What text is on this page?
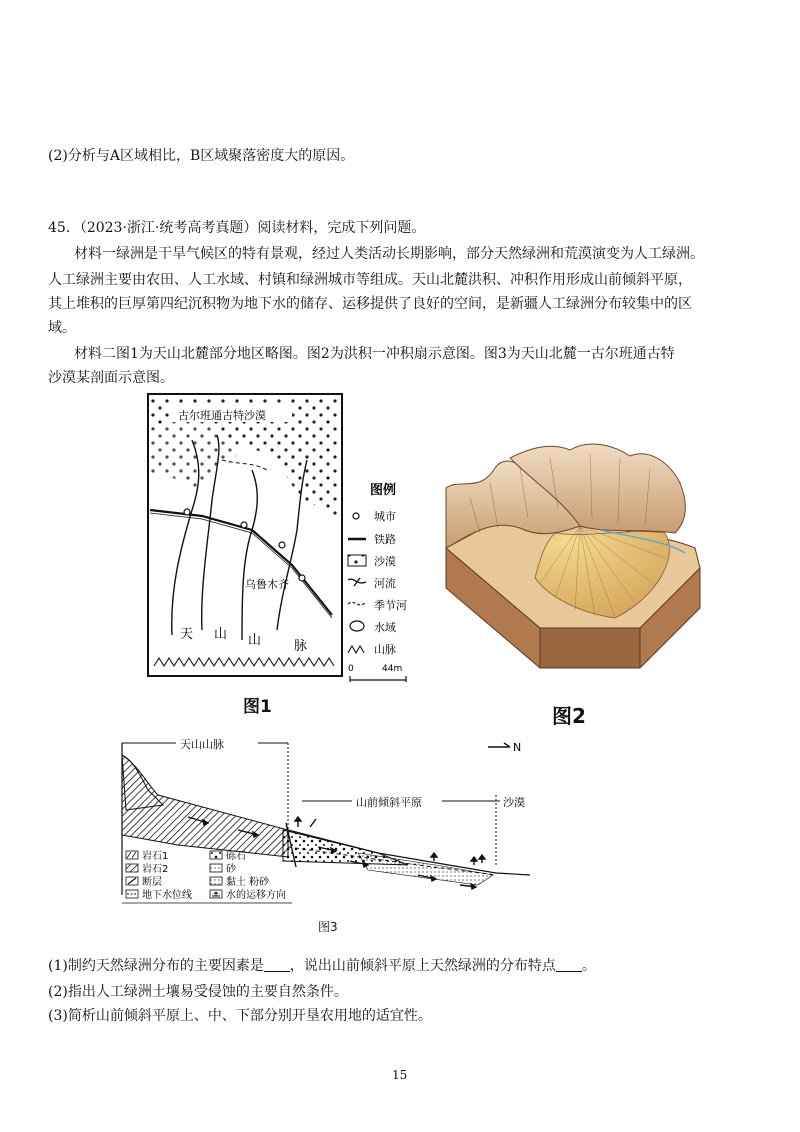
(2)分析与A区域相比，B区域聚落密度大的原因。
45．（2023·浙江·统考高考真题）阅读材料，完成下列问题。
材料一绿洲是干旱气候区的特有景观，经过人类活动长期影响，部分天然绿洲和荒漠演变为人工绿洲。
人工绿洲主要由农田、人工水域、村镇和绿洲城市等组成。天山北麓洪积、冲积作用形成山前倾斜平原，
其上堆积的巨厚第四纪沉积物为地下水的储存、运移提供了良好的空间，是新疆人工绿洲分布较集中的区
域。
材料二图1为天山北麓部分地区略图。图2为洪积一冲积扇示意图。图3为天山北麓一古尔班通古特
沙漠某剖面示意图。
古尔班通古特沙漠
乌鲁木齐
天 山 山	脉
图例
城市
铁路
沙漠
河流
季节河
水域
山脉
0	44m
图1	图2
天山山脉
山前倾斜平原	沙漠
N
岩石1
岩石2
断层
地下水位线
砾石
砂
黏土 粉砂
水的运移方向
图3
(1)制约天然绿洲分布的主要因素是 ，说出山前倾斜平原上天然绿洲的分布特点 。
(2)指出人工绿洲土壤易受侵蚀的主要自然条件。
(3)简析山前倾斜平原上、中、下部分别开垦农用地的适宜性。
15
